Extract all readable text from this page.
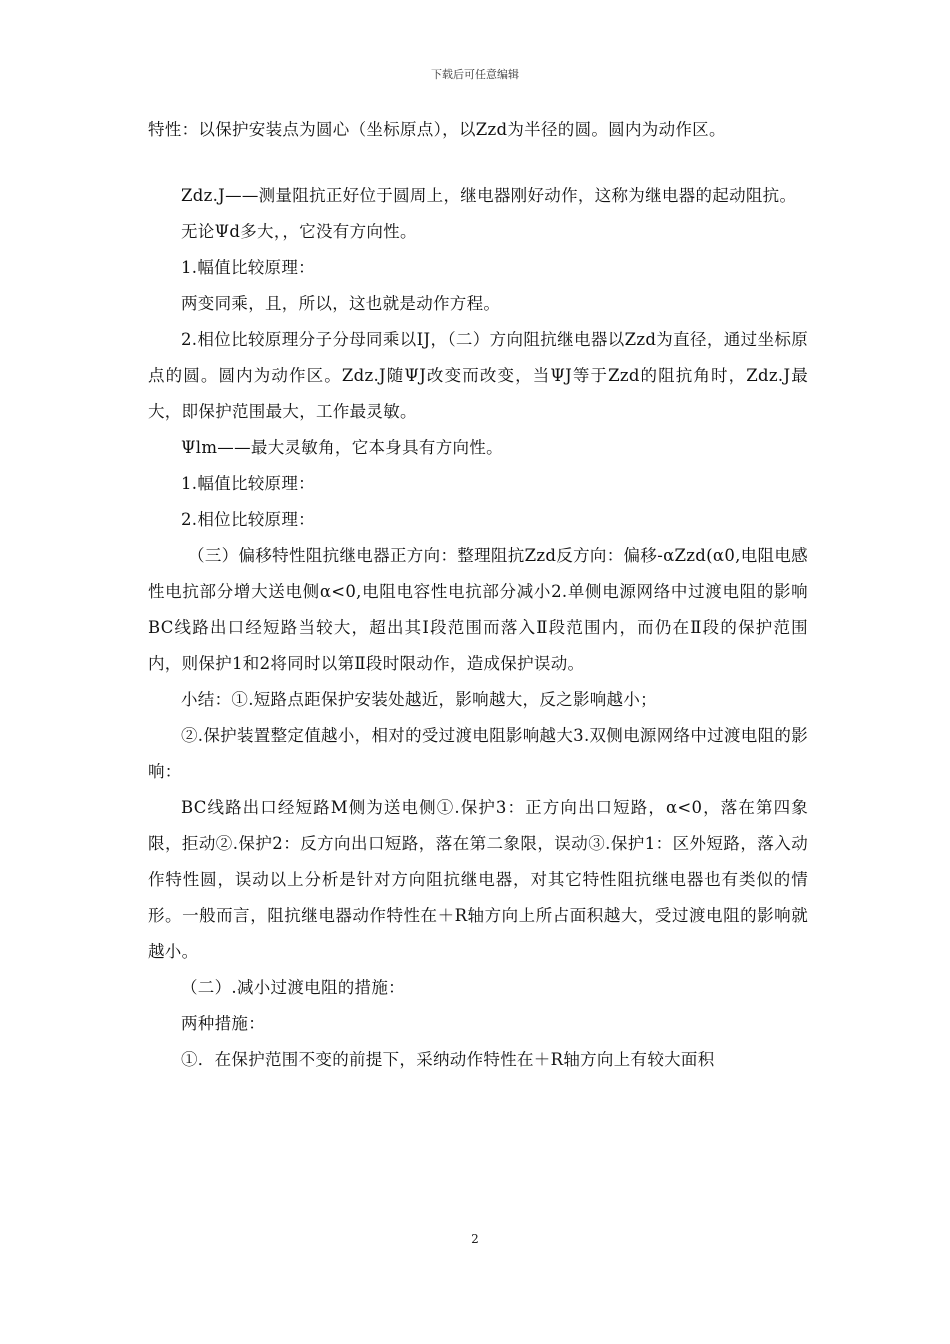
下载后可任意编辑

特性：以保护安装点为圆心（坐标原点），以Zzd为半径的圆。圆内为动作区。

Zdz.J——测量阻抗正好位于圆周上，继电器刚好动作，这称为继电器的起动阻抗。

无论Ψd多大，，它没有方向性。

1.幅值比较原理：

两变同乘，且，所以，这也就是动作方程。

2.相位比较原理分子分母同乘以IJ，（二）方向阻抗继电器以Zzd为直径，通过坐标原点的圆。圆内为动作区。Zdz.J随ΨJ改变而改变，当ΨJ等于Zzd的阻抗角时，Zdz.J最大，即保护范围最大，工作最灵敏。

Ψlm——最大灵敏角，它本身具有方向性。

1.幅值比较原理：

2.相位比较原理：

（三）偏移特性阻抗继电器正方向：整理阻抗Zzd反方向：偏移-αZzd(α0,电阻电感性电抗部分增大送电侧α<0,电阻电容性电抗部分减小2.单侧电源网络中过渡电阻的影响BC线路出口经短路当较大，超出其Ⅰ段范围而落入Ⅱ段范围内，而仍在Ⅱ段的保护范围内，则保护1和2将同时以第Ⅱ段时限动作，造成保护误动。

小结：①.短路点距保护安装处越近，影响越大，反之影响越小；

②.保护装置整定值越小，相对的受过渡电阻影响越大3.双侧电源网络中过渡电阻的影响：

BC线路出口经短路M侧为送电侧①.保护3：正方向出口短路，α<0，落在第四象限，拒动②.保护2：反方向出口短路，落在第二象限，误动③.保护1：区外短路，落入动作特性圆，误动以上分析是针对方向阻抗继电器，对其它特性阻抗继电器也有类似的情形。一般而言，阻抗继电器动作特性在＋R轴方向上所占面积越大，受过渡电阻的影响就越小。

（二）.减小过渡电阻的措施：

两种措施：

①．在保护范围不变的前提下，采纳动作特性在＋R轴方向上有较大面积

2
